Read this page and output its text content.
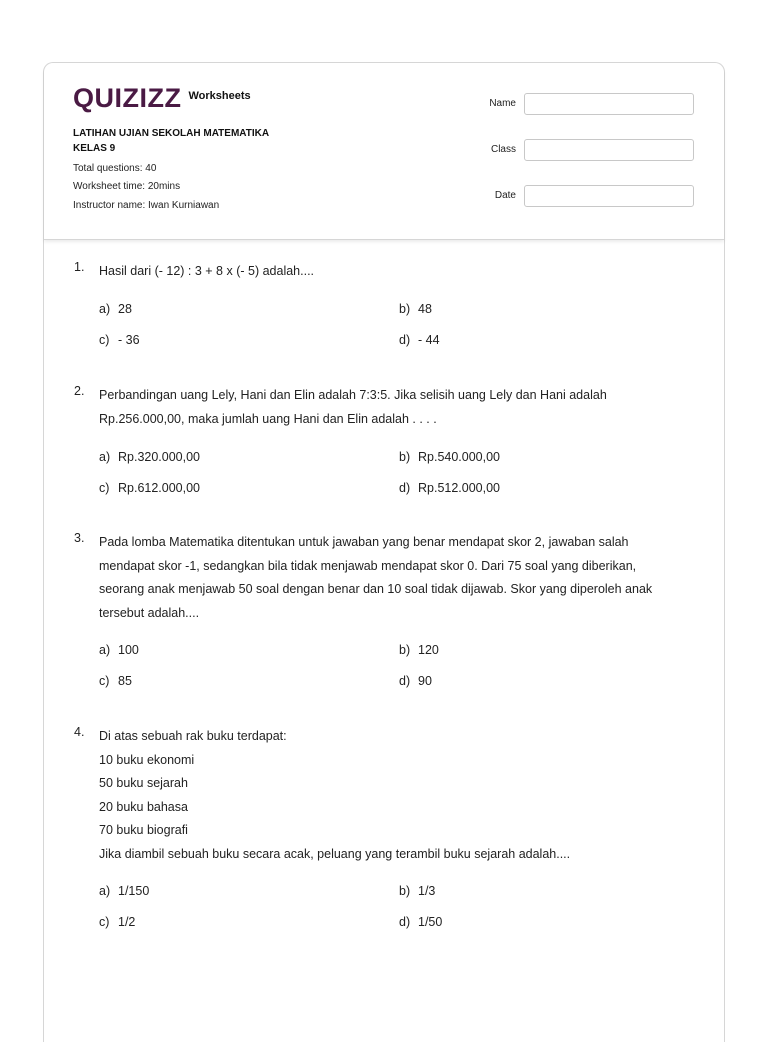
QUIZIZZ Worksheets
LATIHAN UJIAN SEKOLAH MATEMATIKA
KELAS 9
Total questions: 40
Worksheet time: 20mins
Instructor name: Iwan Kurniawan
Name
Class
Date
1. Hasil dari (- 12) : 3 + 8 x (- 5) adalah....
a) 28	b) 48
c) - 36	d) - 44
2. Perbandingan uang Lely, Hani dan Elin adalah 7:3:5. Jika selisih uang Lely dan Hani adalah
Rp.256.000,00, maka jumlah uang Hani dan Elin adalah . . . .
a) Rp.320.000,00	b) Rp.540.000,00
c) Rp.612.000,00	d) Rp.512.000,00
3. Pada lomba Matematika ditentukan untuk jawaban yang benar mendapat skor 2, jawaban salah
mendapat skor -1, sedangkan bila tidak menjawab mendapat skor 0. Dari 75 soal yang diberikan,
seorang anak menjawab 50 soal dengan benar dan 10 soal tidak dijawab. Skor yang diperoleh anak
tersebut adalah....
a) 100	b) 120
c) 85	d) 90
4. Di atas sebuah rak buku terdapat:
10 buku ekonomi
50 buku sejarah
20 buku bahasa
70 buku biografi
Jika diambil sebuah buku secara acak, peluang yang terambil buku sejarah adalah....
a) 1/150	b) 1/3
c) 1/2	d) 1/50
